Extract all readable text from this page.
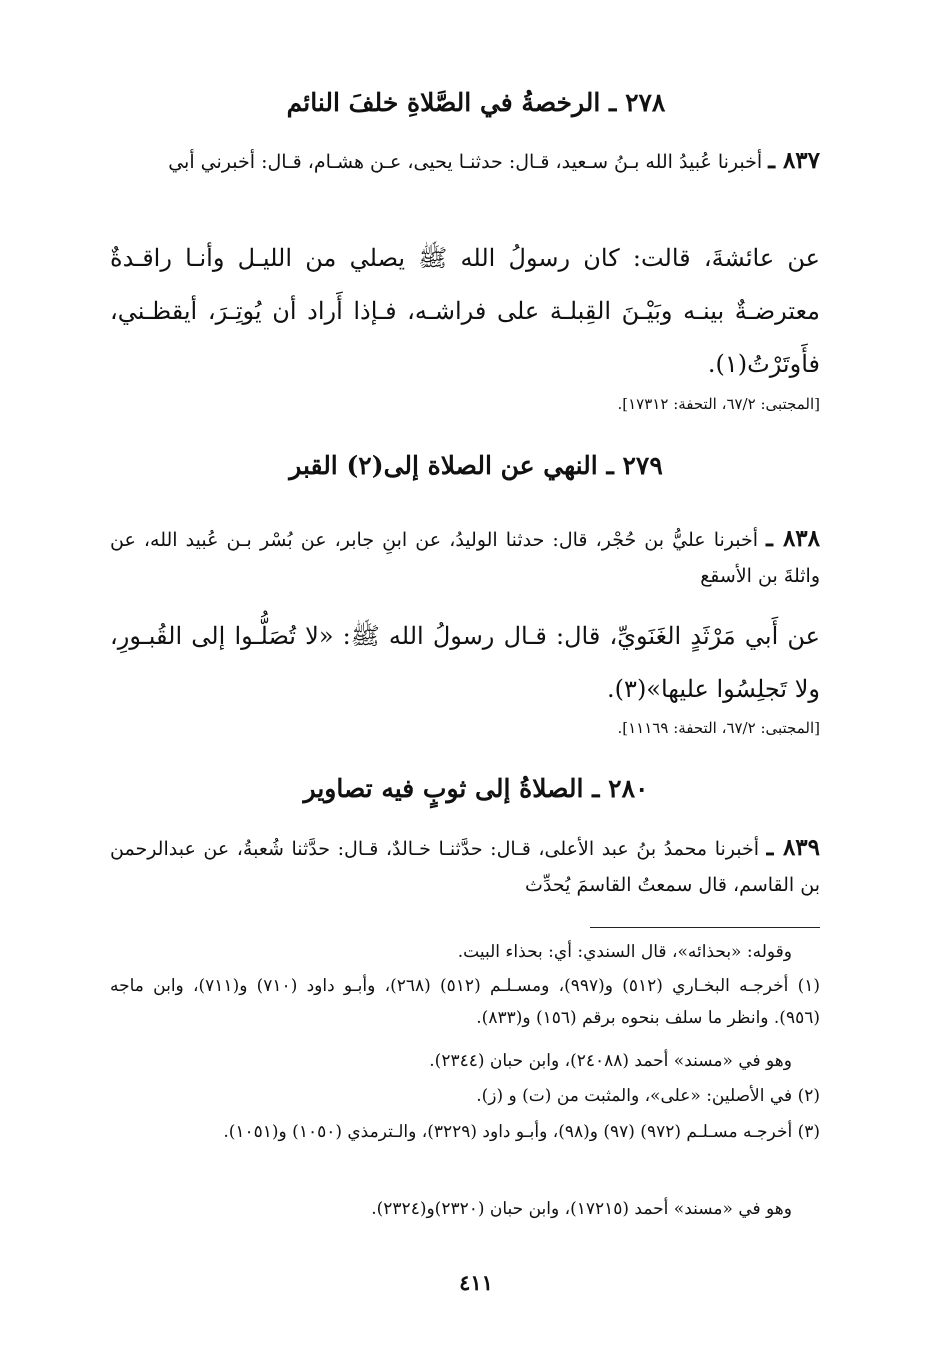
٢٧٨ ـ الرخصةُ في الصَّلاةِ خلفَ النائم
٨٣٧ ـ أخبرنا عُبيدُ الله بـنُ سـعيد، قـال: حدثنـا يحيى، عـن هشـام، قـال: أخبرني أبي
عن عائشةَ، قالت: كان رسولُ الله ﷺ يصلي من الليـل وأنـا راقـدةٌ معترضـةٌ بينـه وبَيْـنَ القِبلـة على فراشـه، فـإذا أَراد أن يُوتِـرَ، أيقظـني، فأَوتَرْتُ(١).
[المجتبى: ٦٧/٢، التحفة: ١٧٣١٢].
٢٧٩ ـ النهي عن الصلاة إلى(٢) القبر
٨٣٨ ـ أخبرنا عليُّ بن حُجْر، قال: حدثنا الوليدُ، عن ابنِ جابر، عن بُسْر بـن عُبيد الله، عن واثلةَ بن الأسقع
عن أَبي مَرْثَدٍ الغَنَويِّ، قال: قـال رسولُ الله ﷺ: «لا تُصَلُّـوا إلى القُبـورِ، ولا تَجلِسُوا عليها»(٣).
[المجتبى: ٦٧/٢، التحفة: ١١١٦٩].
٢٨٠ ـ الصلاةُ إلى ثوبٍ فيه تصاوير
٨٣٩ ـ أخبرنا محمدُ بنُ عبد الأعلى، قـال: حدَّثنـا خـالدٌ، قـال: حدَّثنا شُعبةُ، عن عبدالرحمن بن القاسم، قال سمعتُ القاسمَ يُحدِّث
وقوله: «بحذائه»، قال السندي: أي: بحذاء البيت.
(١) أخرجـه البخـاري (٥١٢) و(٩٩٧)، ومسـلـم (٥١٢) (٢٦٨)، وأبـو داود (٧١٠) و(٧١١)، وابن ماجه (٩٥٦). وانظر ما سلف بنحوه برقم (١٥٦) و(٨٣٣).
وهو في «مسند» أحمد (٢٤٠٨٨)، وابن حبان (٢٣٤٤).
(٢) في الأصلين: «على»، والمثبت من (ت) و (ز).
(٣) أخرجـه مسـلـم (٩٧٢) (٩٧) و(٩٨)، وأبـو داود (٣٢٢٩)، والـترمذي (١٠٥٠) و(١٠٥١).
وهو في «مسند» أحمد (١٧٢١٥)، وابن حبان (٢٣٢٠)و(٢٣٢٤).
٤١١
